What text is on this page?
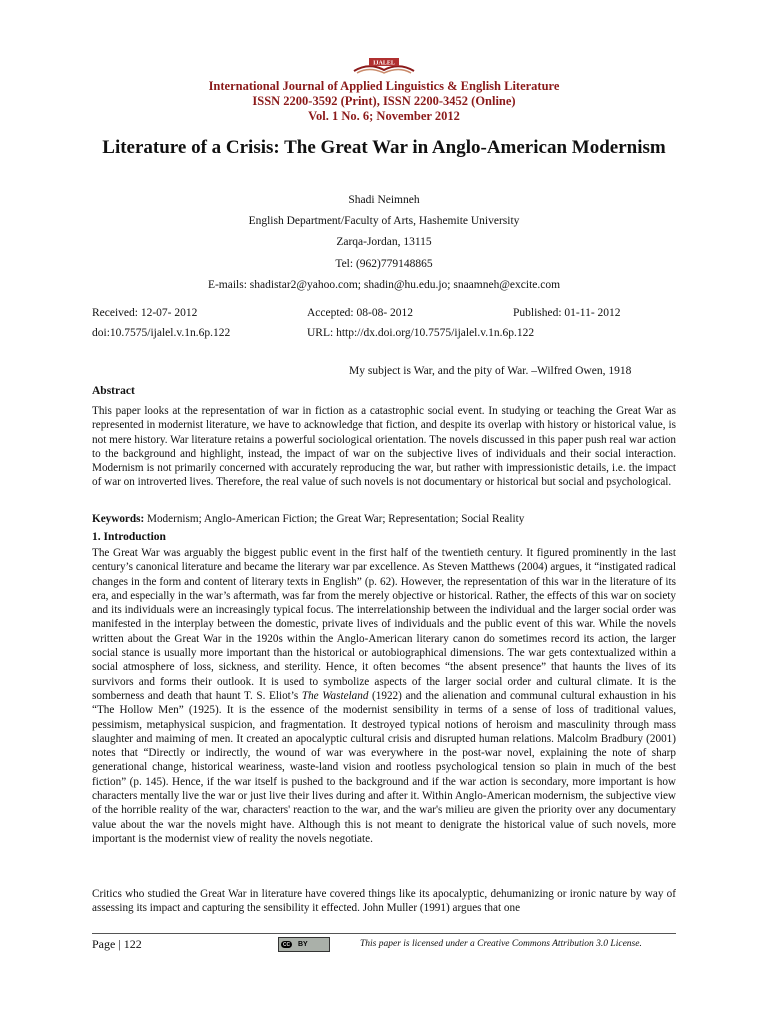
IJALEL
International Journal of Applied Linguistics & English Literature
ISSN 2200-3592 (Print), ISSN 2200-3452 (Online)
Vol. 1 No. 6; November 2012
Literature of a Crisis: The Great War in Anglo-American Modernism
Shadi Neimneh
English Department/Faculty of Arts, Hashemite University
Zarqa-Jordan, 13115
Tel: (962)779148865
E-mails: shadistar2@yahoo.com; shadin@hu.edu.jo; snaamneh@excite.com
Received: 12-07- 2012	Accepted: 08-08- 2012	Published: 01-11- 2012
doi:10.7575/ijalel.v.1n.6p.122	URL: http://dx.doi.org/10.7575/ijalel.v.1n.6p.122
My subject is War, and the pity of War. –Wilfred Owen, 1918
Abstract

This paper looks at the representation of war in fiction as a catastrophic social event. In studying or teaching the Great War as represented in modernist literature, we have to acknowledge that fiction, and despite its overlap with history or historical value, is not mere history. War literature retains a powerful sociological orientation. The novels discussed in this paper push real war action to the background and highlight, instead, the impact of war on the subjective lives of individuals and their social interaction. Modernism is not primarily concerned with accurately reproducing the war, but rather with impressionistic details, i.e. the impact of war on introverted lives. Therefore, the real value of such novels is not documentary or historical but social and psychological.

Keywords: Modernism; Anglo-American Fiction; the Great War; Representation; Social Reality
1. Introduction

The Great War was arguably the biggest public event in the first half of the twentieth century. It figured prominently in the last century’s canonical literature and became the literary war par excellence. As Steven Matthews (2004) argues, it “instigated radical changes in the form and content of literary texts in English” (p. 62). However, the representation of this war in the literature of its era, and especially in the war’s aftermath, was far from the merely objective or historical. Rather, the effects of this war on society and its individuals were an increasingly typical focus. The interrelationship between the individual and the larger social order was manifested in the interplay between the domestic, private lives of individuals and the public event of this war. While the novels written about the Great War in the 1920s within the Anglo-American literary canon do sometimes record its action, the larger social stance is usually more important than the historical or autobiographical dimensions. The war gets contextualized within a social atmosphere of loss, sickness, and sterility. Hence, it often becomes “the absent presence” that haunts the lives of its survivors and forms their outlook. It is used to symbolize aspects of the larger social order and cultural climate. It is the somberness and death that haunt T. S. Eliot’s The Wasteland (1922) and the alienation and communal cultural exhaustion in his “The Hollow Men” (1925). It is the essence of the modernist sensibility in terms of a sense of loss of traditional values, pessimism, metaphysical suspicion, and fragmentation. It destroyed typical notions of heroism and masculinity through mass slaughter and maiming of men. It created an apocalyptic cultural crisis and disrupted human relations. Malcolm Bradbury (2001) notes that “Directly or indirectly, the wound of war was everywhere in the post-war novel, explaining the note of sharp generational change, historical weariness, waste-land vision and rootless psychological tension so plain in much of the best fiction” (p. 145). Hence, if the war itself is pushed to the background and if the war action is secondary, more important is how characters mentally live the war or just live their lives during and after it. Within Anglo-American modernism, the subjective view of the horrible reality of the war, characters' reaction to the war, and the war's milieu are given the priority over any documentary value about the war the novels might have. Although this is not meant to denigrate the historical value of such novels, more important is the modernist view of reality the novels negotiate.

Critics who studied the Great War in literature have covered things like its apocalyptic, dehumanizing or ironic nature by way of assessing its impact and capturing the sensibility it effected. John Muller (1991) argues that one

Page | 122	cc BY	This paper is licensed under a Creative Commons Attribution 3.0 License.
